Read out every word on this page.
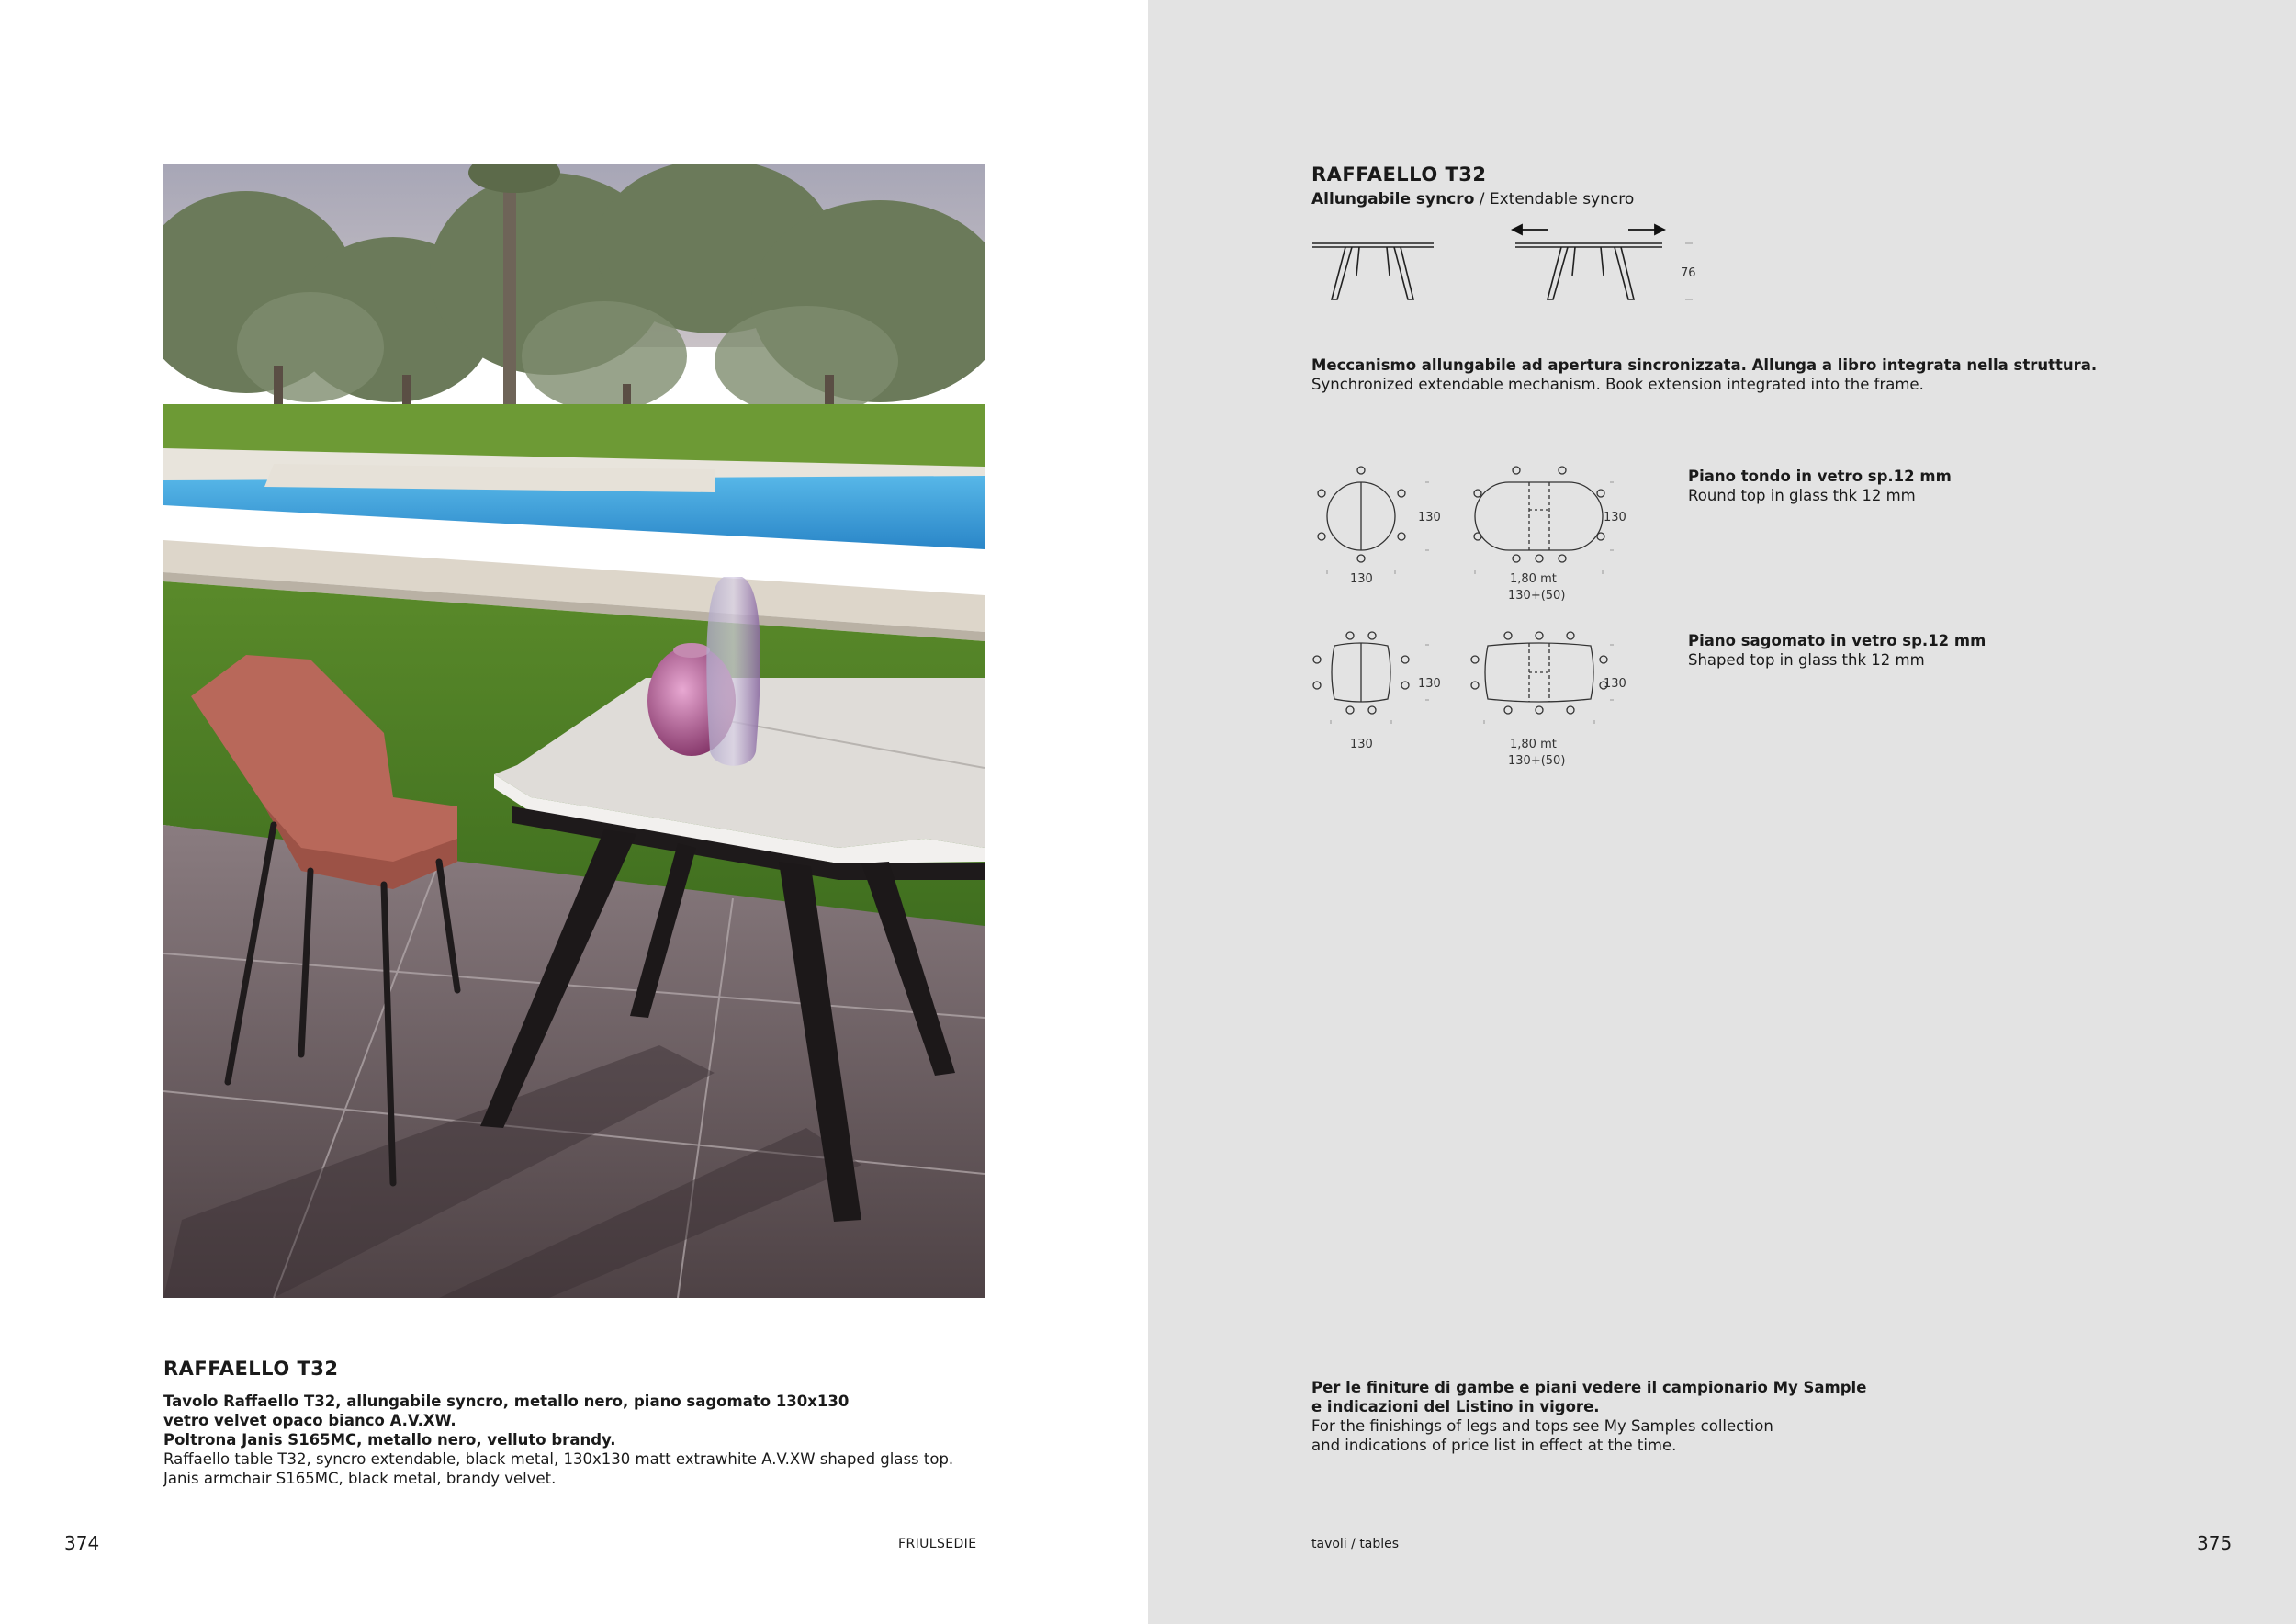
RAFFAELLO T32
Tavolo Raffaello T32, allungabile syncro, metallo nero, piano sagomato 130x130
vetro velvet opaco bianco A.V.XW.
Poltrona Janis S165MC, metallo nero, velluto brandy.
Raffaello table T32, syncro extendable, black metal, 130x130 matt extrawhite A.V.XW shaped glass top.
Janis armchair S165MC, black metal, brandy velvet.
374	FRIULSEDIE
RAFFAELLO T32
Allungabile syncro / Extendable syncro
76
Meccanismo allungabile ad apertura sincronizzata. Allunga a libro integrata nella struttura.
Synchronized extendable mechanism. Book extension integrated into the frame.
130
130
130
1,80 mt
130+(50)
130
130
130
1,80 mt
130+(50)
Piano tondo in vetro sp.12 mm
Round top in glass thk 12 mm
Piano sagomato in vetro sp.12 mm
Shaped top in glass thk 12 mm
Per le finiture di gambe e piani vedere il campionario My Sample
e indicazioni del Listino in vigore.
For the finishings of legs and tops see My Samples collection
and indications of price list in effect at the time.
tavoli / tables	375
